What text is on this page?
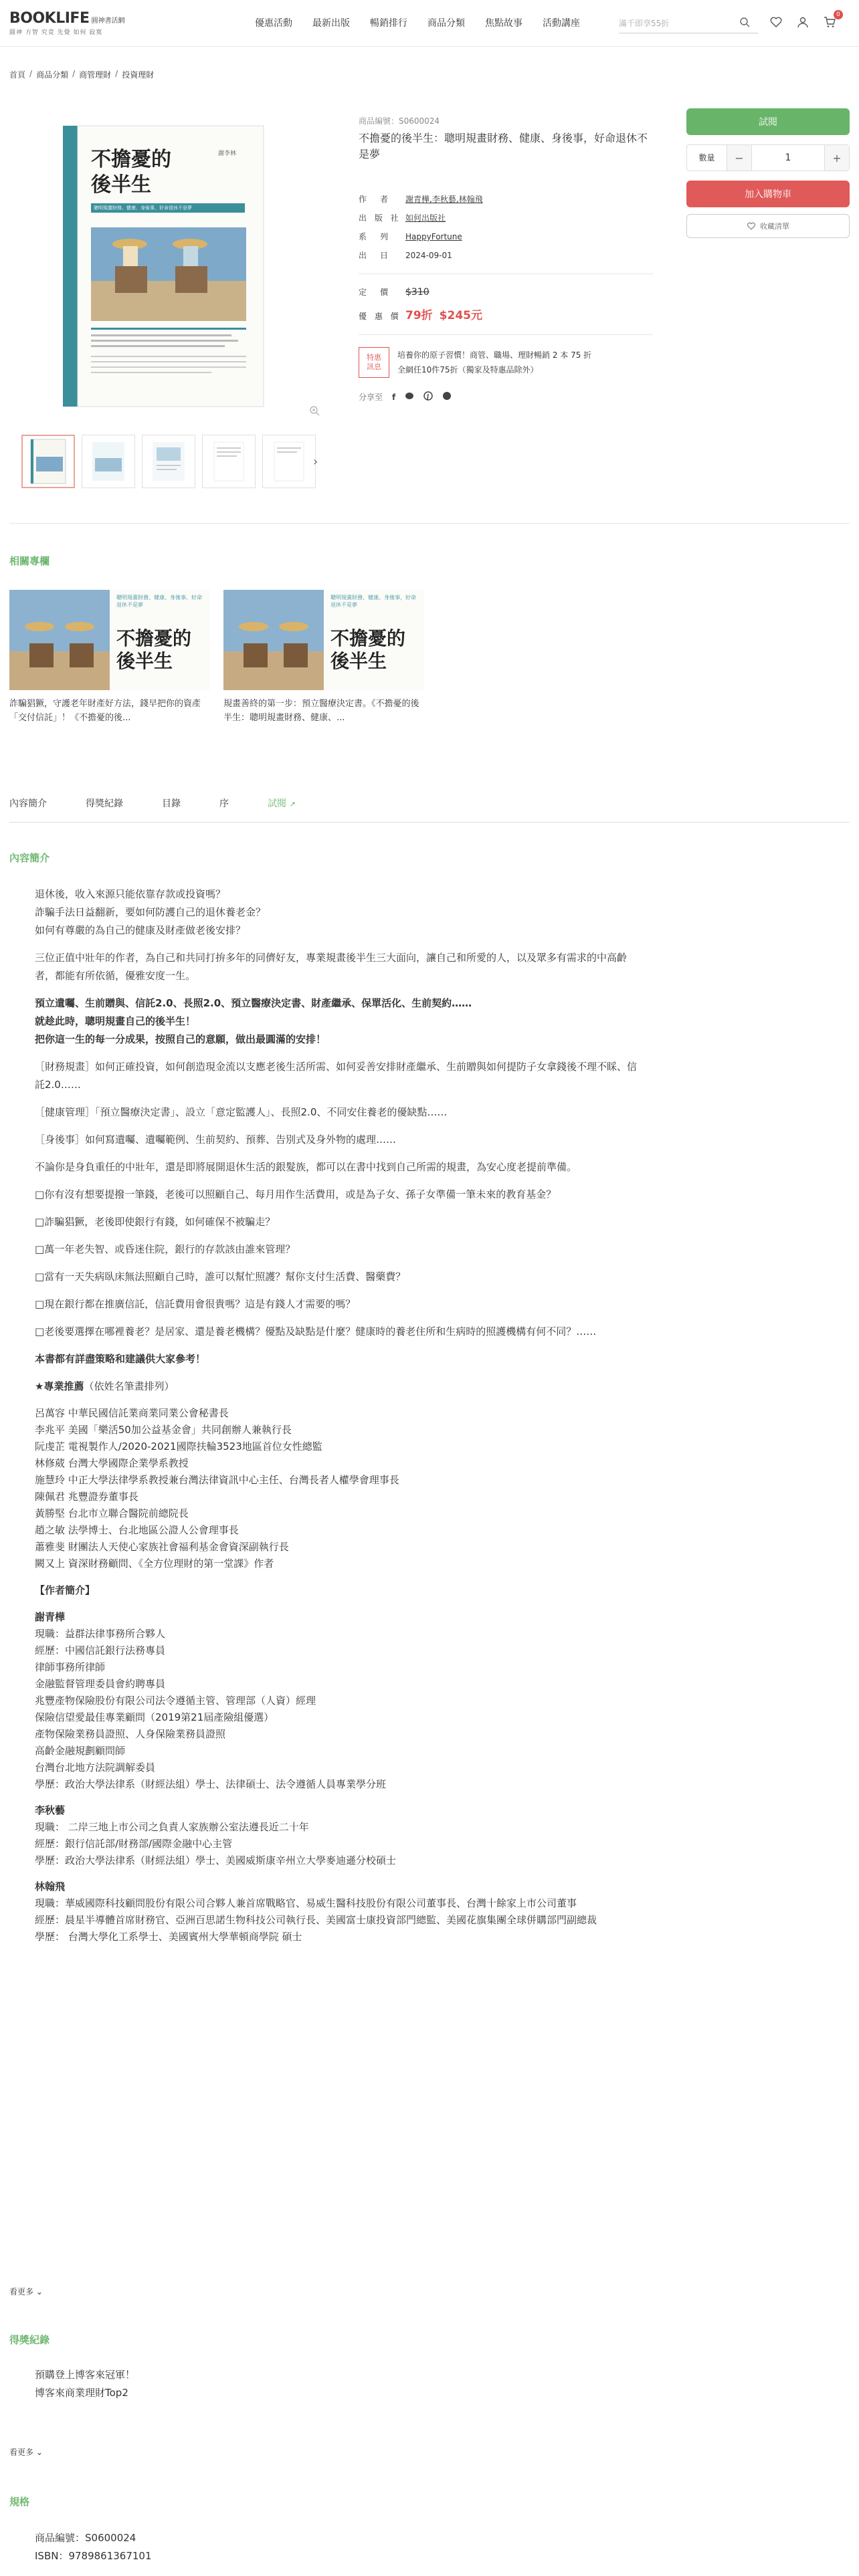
BOOKLIFE 圓神書活網
圓神 方智 究竟 先覺 如何 寂寞
優惠活動	最新出版	暢銷排行	商品分類	焦點故事	活動講座
滿千即享55折
0
首頁 / 商品分類 / 商管理財 / 投資理財
謝李林
不擔憂的
後半生
聰明規畫財務、健康、身後事，好命退休不是夢
›
商品編號：S0600024
不擔憂的後半生：聰明規畫財務、健康、身後事，好命退休不是夢
作　者	謝青樺,李秋藝,林翰飛
出 版 社 如何出版社
系　列	HappyFortune
出　日	2024-09-01
定　價	$310
優 惠 價 79折 $245元
特惠
訊息
培養你的原子習慣！商管、職場、理財暢銷 2 本 75 折
全網任10件75折（獨家及特惠品除外）
分享至 f
試閱
數量	−
1	+
加入購物車
收藏清單
相關專欄
聰明規畫財務、健康、身後事，好命退休不是夢
不擔憂的後半生
詐騙猖獗，守護老年財產好方法，錢早把你的資產「交付信託」！《不擔憂的後...
聰明規畫財務、健康、身後事，好命退休不是夢
不擔憂的後半生
規畫善終的第一步：預立醫療決定書。《不擔憂的後半生：聰明規畫財務、健康、...
內容簡介	得獎紀錄	目錄	序	試閱 ↗
內容簡介

退休後，收入來源只能依靠存款或投資嗎？
詐騙手法日益翻新，要如何防護自己的退休養老金？
如何有尊嚴的為自己的健康及財產做老後安排？

三位正值中壯年的作者，為自己和共同打拚多年的同儕好友，專業規畫後半生三大面向，讓自己和所愛的人，以及眾多有需求的中高齡者，都能有所依循，優雅安度一生。

預立遺囑、生前贈與、信託2.0、長照2.0、預立醫療決定書、財產繼承、保單活化、生前契約……
就趁此時，聰明規畫自己的後半生！
把你這一生的每一分成果，按照自己的意願，做出最圓滿的安排！

［財務規畫］如何正確投資，如何創造現金流以支應老後生活所需、如何妥善安排財產繼承、生前贈與如何提防子女拿錢後不理不睬、信託2.0……

［健康管理］「預立醫療決定書」、設立「意定監護人」、長照2.0、不同安住養老的優缺點……

［身後事］如何寫遺囑、遺囑範例、生前契約、預葬、告別式及身外物的處理……

不論你是身負重任的中壯年，還是即將展開退休生活的銀髮族，都可以在書中找到自己所需的規畫，為安心度老提前準備。

□你有沒有想要提撥一筆錢，老後可以照顧自己、每月用作生活費用，或是為子女、孫子女準備一筆未來的教育基金？

□詐騙猖獗，老後即使銀行有錢，如何確保不被騙走？

□萬一年老失智、或昏迷住院，銀行的存款該由誰來管理？

□當有一天失病臥床無法照顧自己時，誰可以幫忙照護？幫你支付生活費、醫藥費？

□現在銀行都在推廣信託，信託費用會很貴嗎？這是有錢人才需要的嗎？

□老後要選擇在哪裡養老？是居家、還是養老機構？優點及缺點是什麼？健康時的養老住所和生病時的照護機構有何不同？……

本書都有詳盡策略和建議供大家參考！

★專業推薦（依姓名筆畫排列）

呂萬容 中華民國信託業商業同業公會秘書長
李兆平 美國「樂活50加公益基金會」共同創辦人兼執行長
阮虔芷 電視製作人/2020-2021國際扶輪3523地區首位女性總監
林修葳 台灣大學國際企業學系教授
施慧玲 中正大學法律學系教授兼台灣法律資訊中心主任、台灣長者人權學會理事長
陳佩君 兆豐證券董事長
黃勝堅 台北市立聯合醫院前總院長
趙之敏 法學博士、台北地區公證人公會理事長
蕭雅斐 財團法人天使心家族社會福利基金會資深副執行長
闕又上 資深財務顧問、《全方位理財的第一堂課》作者

【作者簡介】

謝青樺
現職：益群法律事務所合夥人
經歷：中國信託銀行法務專員
律師事務所律師
金融監督管理委員會約聘專員
兆豐產物保險股份有限公司法令遵循主管、管理部（人資）經理
保險信望愛最佳專業顧問（2019第21屆產險組優選）
產物保險業務員證照、人身保險業務員證照
高齡金融規劃顧問師
台灣台北地方法院調解委員
學歷：政治大學法律系（財經法組）學士、法律碩士、法令遵循人員專業學分班
李秋藝
現職： 二岸三地上市公司之負責人家族辦公室法遵長近二十年
經歷：銀行信託部/財務部/國際金融中心主管
學歷：政治大學法律系（財經法組）學士、美國威斯康辛州立大學麥迪遜分校碩士
林翰飛
現職：華威國際科技顧問股份有限公司合夥人兼首席戰略官、易威生醫科技股份有限公司董事長、台灣十餘家上市公司董事
經歷：晨星半導體首席財務官、亞洲百思諾生物科技公司執行長、美國富士康投資部門總監、美國花旗集團全球併購部門副總裁
學歷： 台灣大學化工系學士、美國賓州大學華頓商學院 碩士
看更多 ⌄
得獎紀錄
預購登上博客來冠軍！
博客來商業理財Top2
看更多 ⌄
規格
商品編號：S0600024
ISBN：9789861367101
